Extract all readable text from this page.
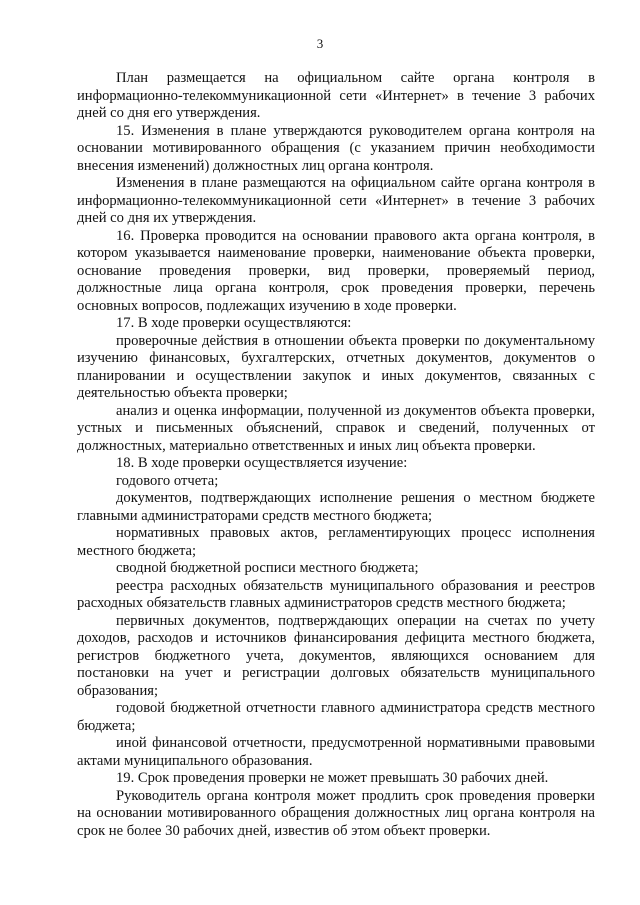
3

План размещается на официальном сайте органа контроля в информационно-телекоммуникационной сети «Интернет» в течение 3 рабочих дней со дня его утверждения.

15. Изменения в плане утверждаются руководителем органа контроля на основании мотивированного обращения (с указанием причин необходимости внесения изменений) должностных лиц органа контроля.

Изменения в плане размещаются на официальном сайте органа контроля в информационно-телекоммуникационной сети «Интернет» в течение 3 рабочих дней со дня их утверждения.

16. Проверка проводится на основании правового акта органа контроля, в котором указывается наименование проверки, наименование объекта проверки, основание проведения проверки, вид проверки, проверяемый период, должностные лица органа контроля, срок проведения проверки, перечень основных вопросов, подлежащих изучению в ходе проверки.

17. В ходе проверки осуществляются:

проверочные действия в отношении объекта проверки по документальному изучению финансовых, бухгалтерских, отчетных документов, документов о планировании и осуществлении закупок и иных документов, связанных с деятельностью объекта проверки;

анализ и оценка информации, полученной из документов объекта проверки, устных и письменных объяснений, справок и сведений, полученных от должностных, материально ответственных и иных лиц объекта проверки.

18. В ходе проверки осуществляется изучение:

годового отчета;

документов, подтверждающих исполнение решения о местном бюджете главными администраторами средств местного бюджета;

нормативных правовых актов, регламентирующих процесс исполнения местного бюджета;

сводной бюджетной росписи местного бюджета;

реестра расходных обязательств муниципального образования и реестров расходных обязательств главных администраторов средств местного бюджета;

первичных документов, подтверждающих операции на счетах по учету доходов, расходов и источников финансирования дефицита местного бюджета, регистров бюджетного учета, документов, являющихся основанием для постановки на учет и регистрации долговых обязательств муниципального образования;

годовой бюджетной отчетности главного администратора средств местного бюджета;

иной финансовой отчетности, предусмотренной нормативными правовыми актами муниципального образования.

19. Срок проведения проверки не может превышать 30 рабочих дней.

Руководитель органа контроля может продлить срок проведения проверки на основании мотивированного обращения должностных лиц органа контроля на срок не более 30 рабочих дней, известив об этом объект проверки.
